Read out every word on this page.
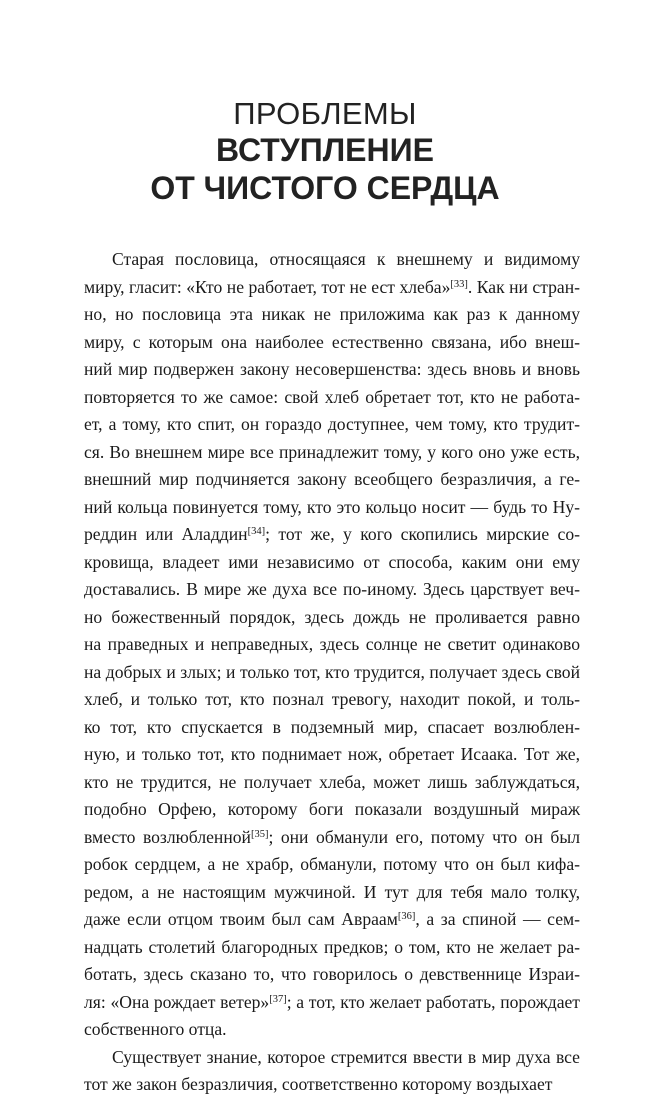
ПРОБЛЕМЫ
ВСТУПЛЕНИЕ
ОТ ЧИСТОГО СЕРДЦА
Старая пословица, относящаяся к внешнему и видимому
миру, гласит: «Кто не работает, тот не ест хлеба»[33]. Как ни стран-
но, но пословица эта никак не приложима как раз к данному
миру, с которым она наиболее естественно связана, ибо внеш-
ний мир подвержен закону несовершенства: здесь вновь и вновь
повторяется то же самое: свой хлеб обретает тот, кто не работа-
ет, а тому, кто спит, он гораздо доступнее, чем тому, кто трудит-
ся. Во внешнем мире все принадлежит тому, у кого оно уже есть,
внешний мир подчиняется закону всеобщего безразличия, а ге-
ний кольца повинуется тому, кто это кольцо носит — будь то Ну-
реддин или Аладдин[34]; тот же, у кого скопились мирские со-
кровища, владеет ими независимо от способа, каким они ему
доставались. В мире же духа все по-иному. Здесь царствует веч-
но божественный порядок, здесь дождь не проливается равно
на праведных и неправедных, здесь солнце не светит одинаково
на добрых и злых; и только тот, кто трудится, получает здесь свой
хлеб, и только тот, кто познал тревогу, находит покой, и толь-
ко тот, кто спускается в подземный мир, спасает возлюблен-
ную, и только тот, кто поднимает нож, обретает Исаака. Тот же,
кто не трудится, не получает хлеба, может лишь заблуждаться,
подобно Орфею, которому боги показали воздушный мираж
вместо возлюбленной[35]; они обманули его, потому что он был
робок сердцем, а не храбр, обманули, потому что он был кифа-
редом, а не настоящим мужчиной. И тут для тебя мало толку,
даже если отцом твоим был сам Авраам[36], а за спиной — сем-
надцать столетий благородных предков; о том, кто не желает ра-
ботать, здесь сказано то, что говорилось о девственнице Израи-
ля: «Она рождает ветер»[37]; а тот, кто желает работать, порождает
собственного отца.
Существует знание, которое стремится ввести в мир духа все
тот же закон безразличия, соответственно которому воздыхает
